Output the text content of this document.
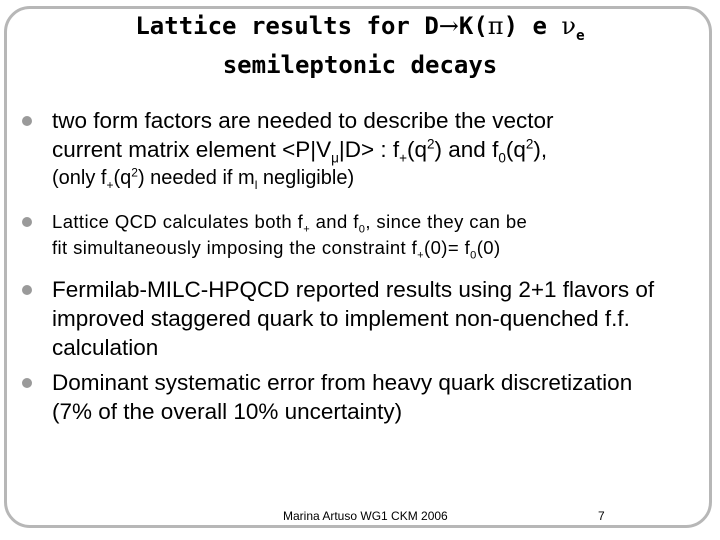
Lattice results for D→K(π) e $\nu_e$
semileptonic decays
two form factors are needed to describe the vector
current matrix element $<P|V_\mu|D>$ : $f_+(q^2)$ and $f_0(q^2)$,
(only $f_+(q^2)$ needed if $m_l$ negligible)
Lattice QCD calculates both $f_+$ and $f_0$, since they can be
fit simultaneously imposing the constraint $f_+(0)= f_0(0)$
Fermilab-MILC-HPQCD reported results using 2+1 flavors of improved staggered quark to implement non-quenched f.f. calculation
Dominant systematic error from heavy quark discretization (7% of the overall 10% uncertainty)
Marina Artuso WG1 CKM 2006	7
